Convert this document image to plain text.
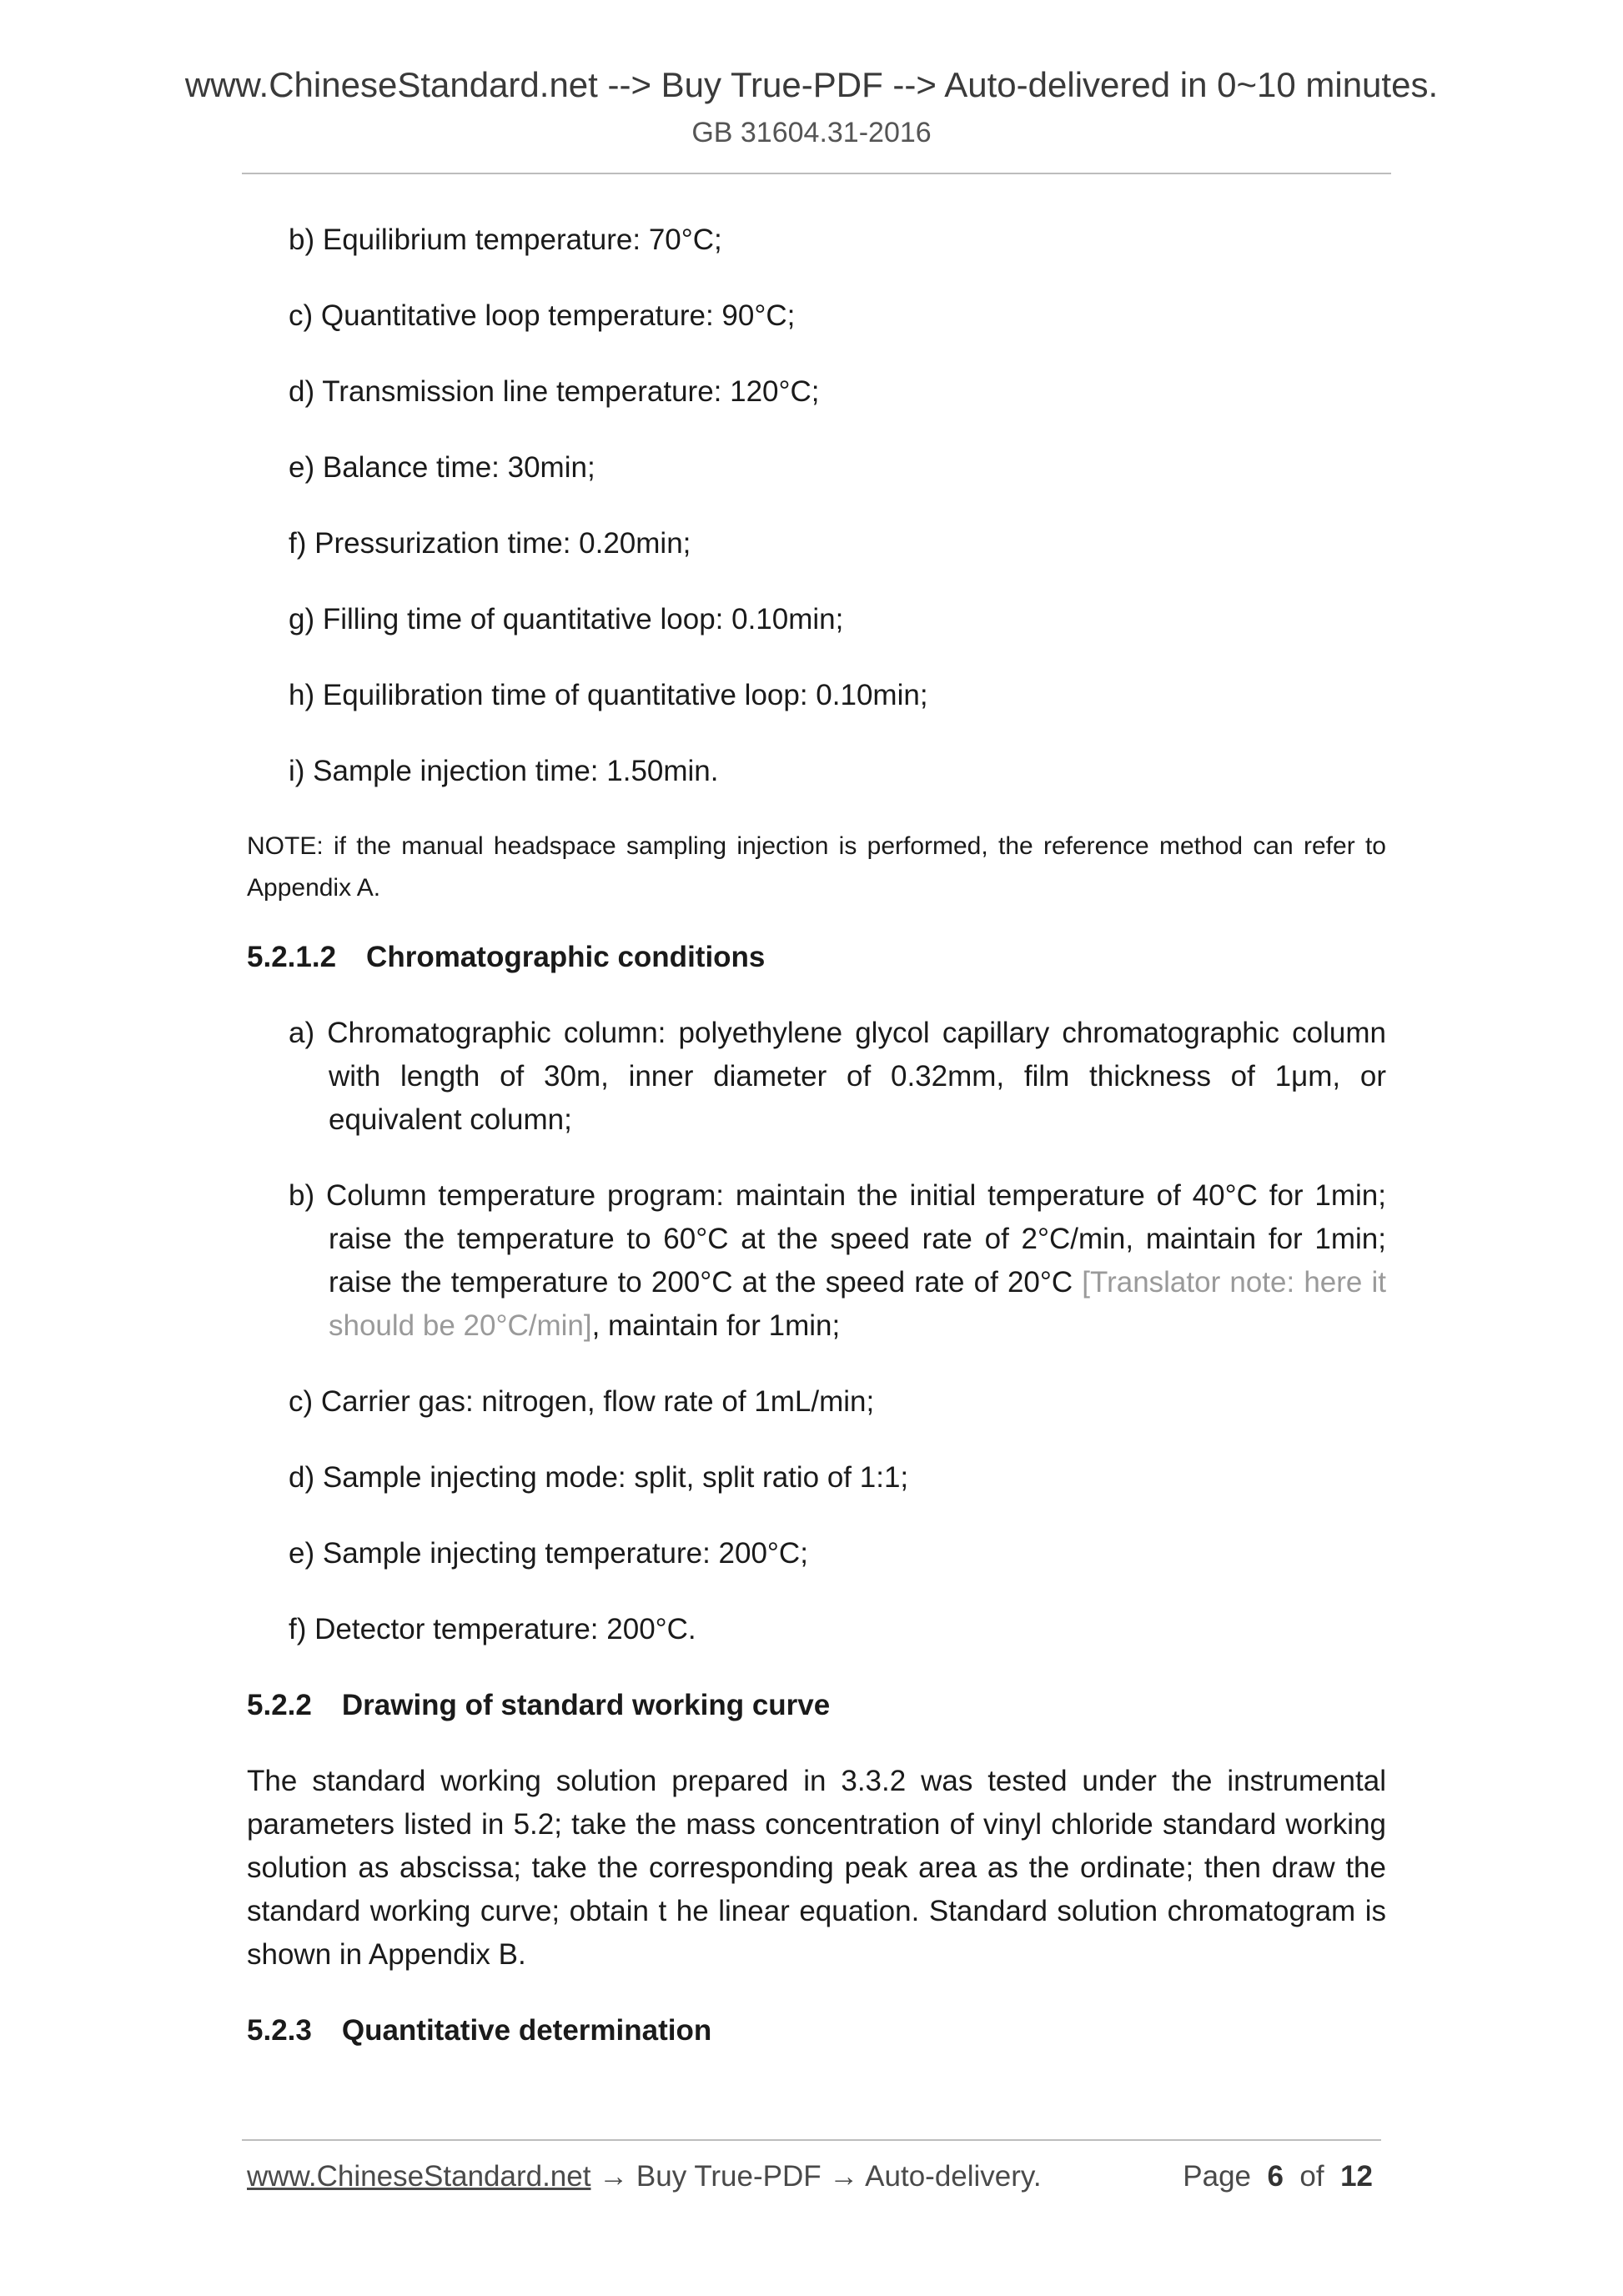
www.ChineseStandard.net --> Buy True-PDF --> Auto-delivered in 0~10 minutes.
GB 31604.31-2016

b) Equilibrium temperature: 70°C;

c) Quantitative loop temperature: 90°C;

d) Transmission line temperature: 120°C;

e) Balance time: 30min;

f) Pressurization time: 0.20min;

g) Filling time of quantitative loop: 0.10min;

h) Equilibration time of quantitative loop: 0.10min;

i) Sample injection time: 1.50min.

NOTE: if the manual headspace sampling injection is performed, the reference method can refer to Appendix A.

5.2.1.2 Chromatographic conditions

a) Chromatographic column: polyethylene glycol capillary chromatographic column with length of 30m, inner diameter of 0.32mm, film thickness of 1μm, or equivalent column;

b) Column temperature program: maintain the initial temperature of 40°C for 1min; raise the temperature to 60°C at the speed rate of 2°C/min, maintain for 1min; raise the temperature to 200°C at the speed rate of 20°C [Translator note: here it should be 20°C/min], maintain for 1min;

c) Carrier gas: nitrogen, flow rate of 1mL/min;

d) Sample injecting mode: split, split ratio of 1:1;

e) Sample injecting temperature: 200°C;

f) Detector temperature: 200°C.

5.2.2 Drawing of standard working curve

The standard working solution prepared in 3.3.2 was tested under the instrumental parameters listed in 5.2; take the mass concentration of vinyl chloride standard working solution as abscissa; take the corresponding peak area as the ordinate; then draw the standard working curve; obtain t he linear equation. Standard solution chromatogram is shown in Appendix B.

5.2.3 Quantitative determination
www.ChineseStandard.net → Buy True-PDF → Auto-delivery.	Page 6 of 12
